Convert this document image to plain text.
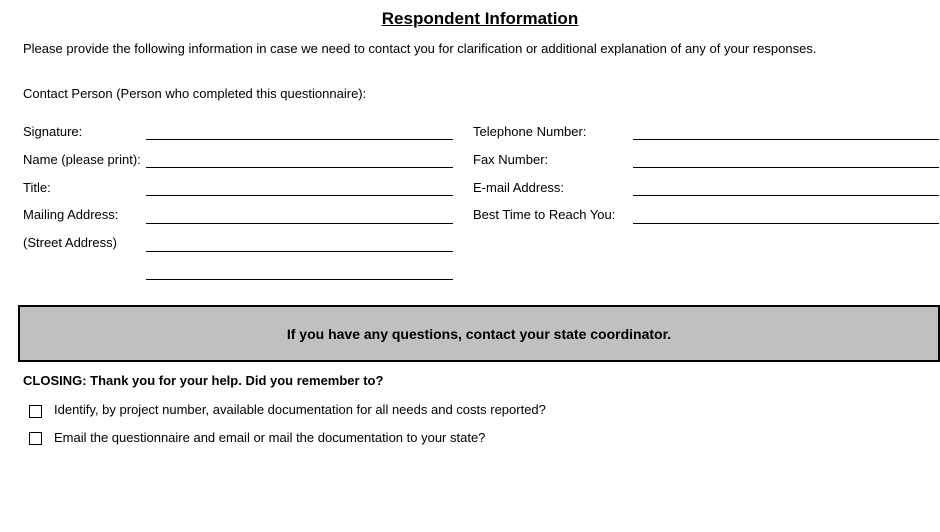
Respondent Information
Please provide the following information in case we need to contact you for clarification or additional explanation of any of your responses.
Contact Person (Person who completed this questionnaire):
Signature:
Name (please print):
Title:
Mailing Address:
(Street Address)
Telephone Number:
Fax Number:
E-mail Address:
Best Time to Reach You:
If you have any questions, contact your state coordinator.
CLOSING: Thank you for your help. Did you remember to?
Identify, by project number, available documentation for all needs and costs reported?
Email the questionnaire and email or mail the documentation to your state?
